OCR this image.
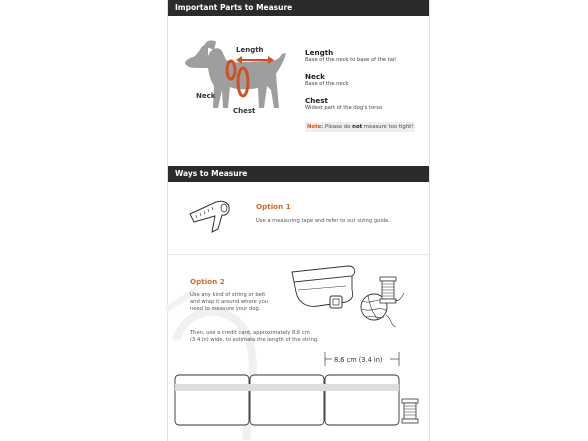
Important Parts to Measure
Length
Neck
Chest
Length
Base of the neck to base of the tail
Neck
Base of the neck
Chest
Widest part of the dog's torso
Note: Please do not measure too tight!
Ways to Measure
Option 1
Use a measuring tape and refer to our sizing guide.
Option 2
Use any kind of string or belt
and wrap it around where you
need to measure your dog.
Then, use a credit card, approximately 8.6 cm
(3.4 in) wide, to estimate the length of the string.
8.6 cm (3.4 in)
